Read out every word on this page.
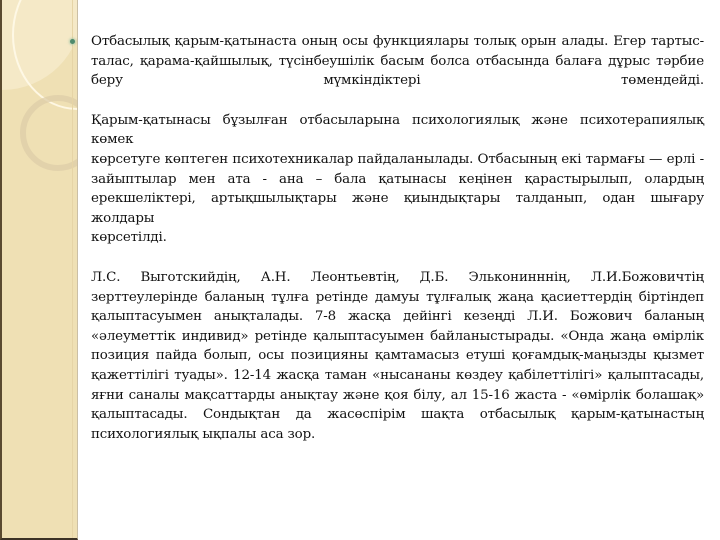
Отбасылық қарым-қатынаста оның осы функциялары толық орын алады. Егер тартыс-
талас, қарама-қайшылық, түсінбеушілік басым болса отбасында балаға дұрыс тәрбие
беру мүмкіндіктері төмендейді.
Қарым-қатынасы бұзылған отбасыларына психологиялық және психотерапиялық көмек
көрсетуге көптеген психотехникалар пайдаланылады. Отбасының екі тармағы — ерлі -
зайыптылар мен ата - ана – бала қатынасы кеңінен қарастырылып, олардың
ерекшеліктері, артықшылықтары және қиындықтары талданып, одан шығару жолдары
көрсетілді.
Л.С. Выготскийдің, А.Н. Леонтьевтің, Д.Б. Эльконинннің, Л.И.Божовичтің
зерттеулерінде баланың тұлға ретінде дамуы тұлғалық жаңа қасиеттердің біртіндеп
қалыптасуымен анықталады. 7-8 жасқа дейінгі кезеңді Л.И. Божович баланың
«әлеуметтік индивид» ретінде қалыптасуымен байланыстырады. «Онда жаңа өмірлік
позиция пайда болып, осы позицияны қамтамасыз етуші қоғамдық-маңызды қызмет
қажеттілігі туады». 12-14 жасқа таман «нысананы көздеу қабілеттілігі» қалыптасады,
яғни саналы мақсаттарды анықтау және қоя білу, ал 15-16 жаста - «өмірлік болашақ»
қалыптасады. Сондықтан да жасөспірім шақта отбасылық қарым-қатынастың
психологиялық ықпалы аса зор.
